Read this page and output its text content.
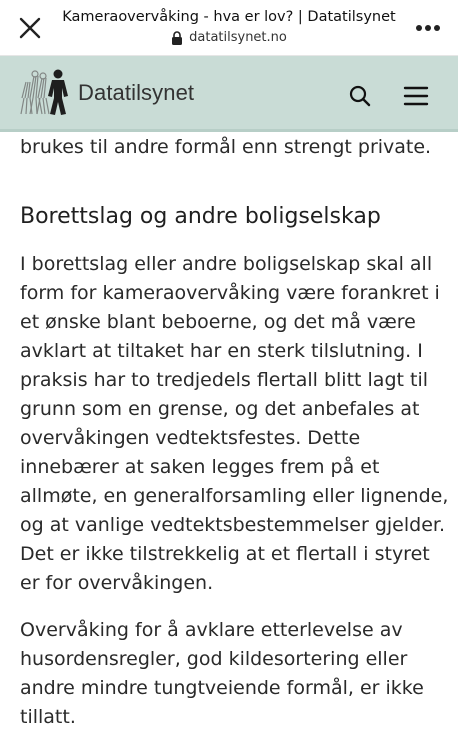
Kameraovervåking - hva er lov? | Datatilsynet
datatilsynet.no
Datatilsynet

brukes til andre formål enn strengt private.

Borettslag og andre boligselskap

I borettslag eller andre boligselskap skal all form for kameraovervåking være forankret i et ønske blant beboerne, og det må være avklart at tiltaket har en sterk tilslutning. I praksis har to tredjedels flertall blitt lagt til grunn som en grense, og det anbefales at overvåkingen vedtektsfestes. Dette innebærer at saken legges frem på et allmøte, en generalforsamling eller lignende, og at vanlige vedtektsbestemmelser gjelder. Det er ikke tilstrekkelig at et flertall i styret er for overvåkingen.

Overvåking for å avklare etterlevelse av husordensregler, god kildesortering eller andre mindre tungtveiende formål, er ikke tillatt.
